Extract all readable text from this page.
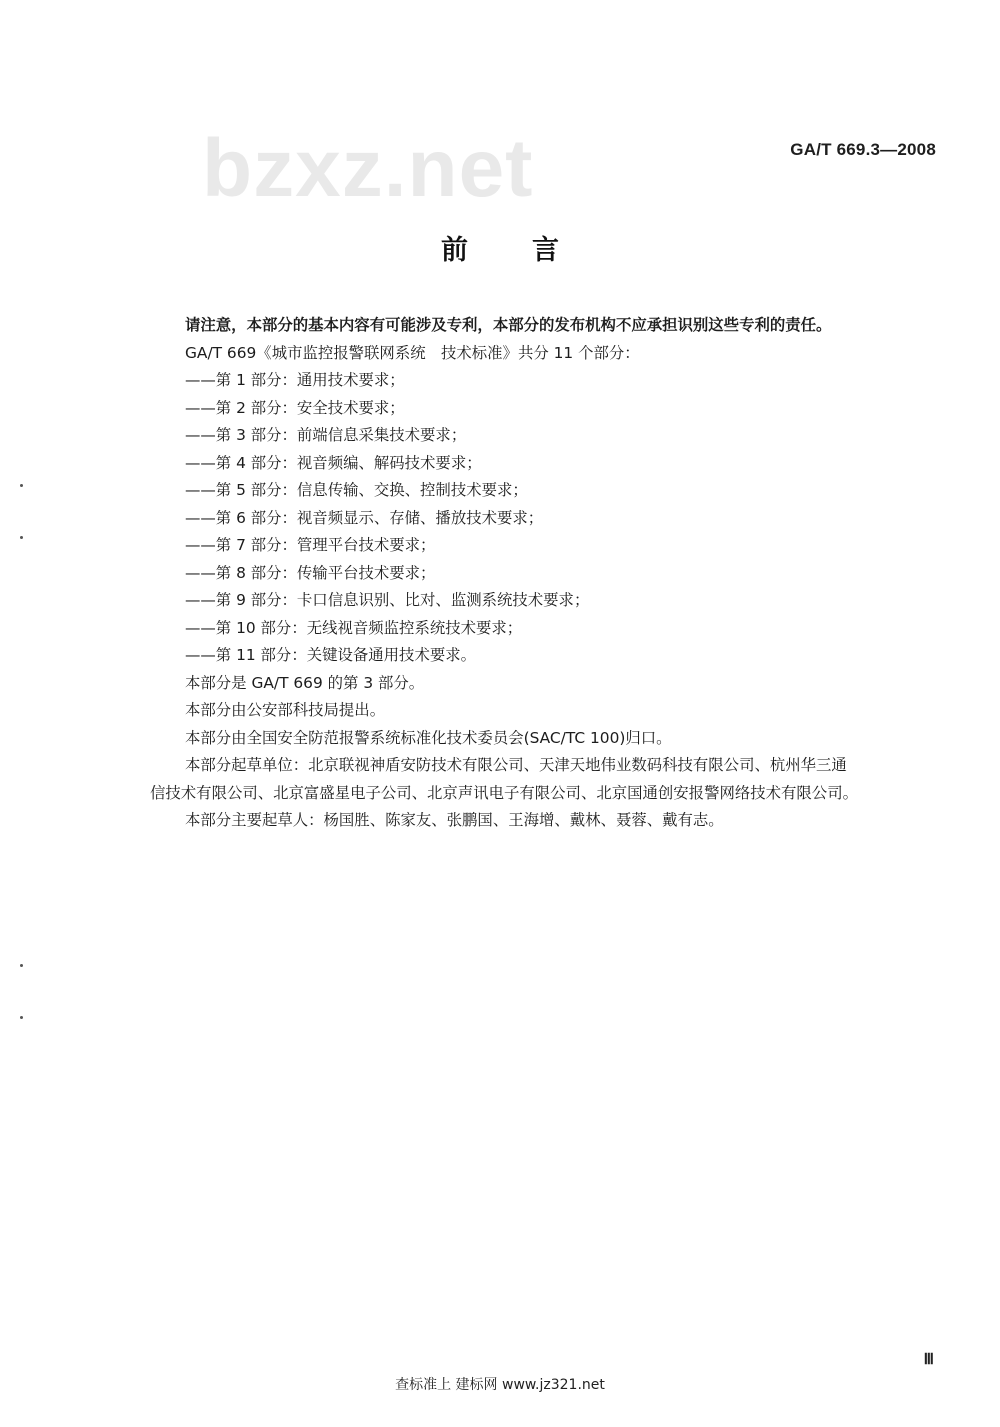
bzxz.net	GA/T 669.3—2008
前言

请注意，本部分的基本内容有可能涉及专利，本部分的发布机构不应承担识别这些专利的责任。

GA/T 669《城市监控报警联网系统　技术标准》共分 11 个部分：

——第 1 部分：通用技术要求；

——第 2 部分：安全技术要求；

——第 3 部分：前端信息采集技术要求；

——第 4 部分：视音频编、解码技术要求；

——第 5 部分：信息传输、交换、控制技术要求；

——第 6 部分：视音频显示、存储、播放技术要求；

——第 7 部分：管理平台技术要求；

——第 8 部分：传输平台技术要求；

——第 9 部分：卡口信息识别、比对、监测系统技术要求；

——第 10 部分：无线视音频监控系统技术要求；

——第 11 部分：关键设备通用技术要求。

本部分是 GA/T 669 的第 3 部分。

本部分由公安部科技局提出。

本部分由全国安全防范报警系统标准化技术委员会(SAC/TC 100)归口。

本部分起草单位：北京联视神盾安防技术有限公司、天津天地伟业数码科技有限公司、杭州华三通

信技术有限公司、北京富盛星电子公司、北京声讯电子有限公司、北京国通创安报警网络技术有限公司。

本部分主要起草人：杨国胜、陈家友、张鹏国、王海增、戴林、聂蓉、戴有志。

Ⅲ
查标准上 建标网 www.jz321.net
